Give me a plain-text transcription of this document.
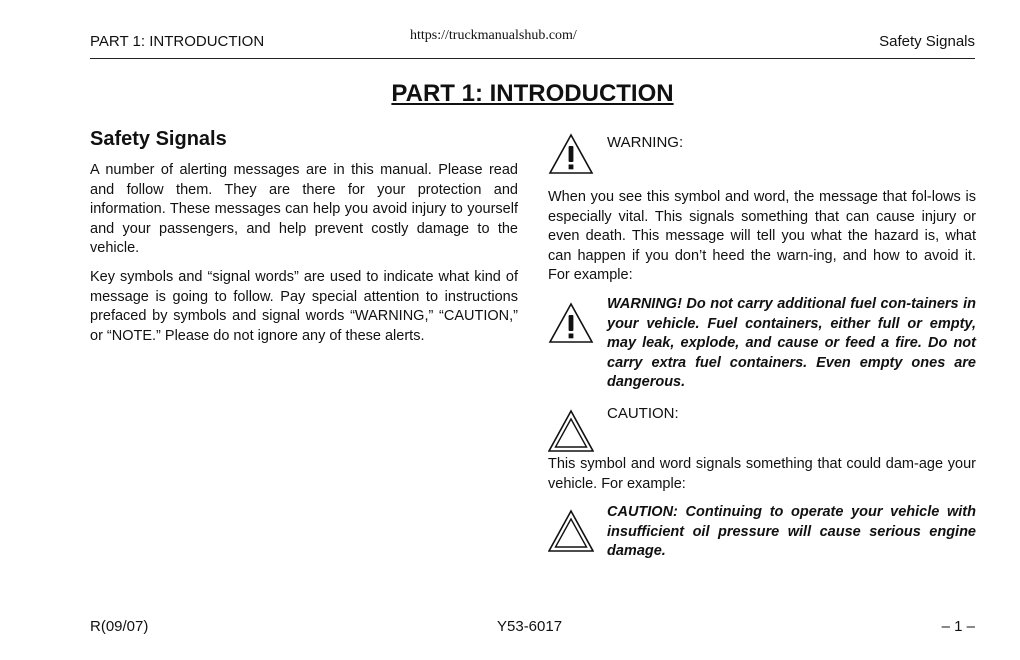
PART 1: INTRODUCTION	https://truckmanualshub.com/	Safety Signals
PART 1: INTRODUCTION
Safety Signals

A number of alerting messages are in this manual. Please read and follow them. They are there for your protection and information. These messages can help you avoid injury to yourself and your passengers, and help prevent costly damage to the vehicle.

Key symbols and “signal words” are used to indicate what kind of message is going to follow. Pay special attention to instructions prefaced by symbols and signal words “WARNING,” “CAUTION,” or “NOTE.” Please do not ignore any of these alerts.

WARNING:

When you see this symbol and word, the message that fol-lows is especially vital. This signals something that can cause injury or even death. This message will tell you what the hazard is, what can happen if you don’t heed the warn-ing, and how to avoid it. For example:

WARNING! Do not carry additional fuel con-tainers in your vehicle. Fuel containers, either full or empty, may leak, explode, and cause or feed a fire. Do not carry extra fuel containers. Even empty ones are dangerous.
CAUTION:

This symbol and word signals something that could dam-age your vehicle. For example:

CAUTION: Continuing to operate your vehicle with insufficient oil pressure will cause serious engine damage.
R(09/07)	Y53-6017	– 1 –
